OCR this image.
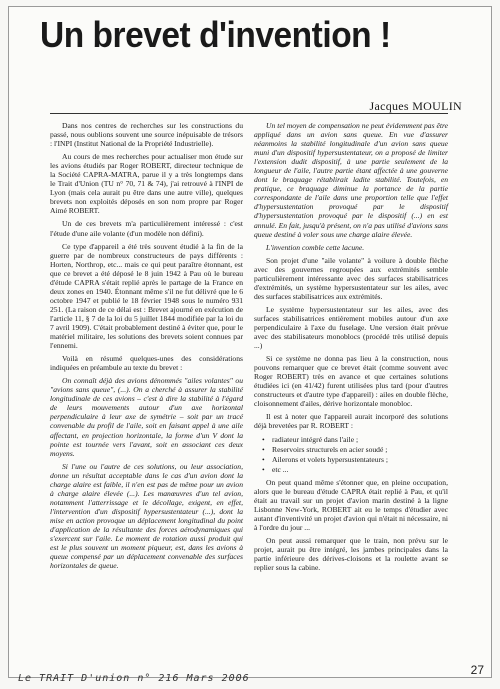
Un brevet d'invention !
Jacques MOULIN

Dans nos centres de recherches sur les constructions du passé, nous oublions souvent une source inépuisable de trésors : l'INPI (Institut National de la Propriété Industrielle).

Au cours de mes recherches pour actualiser mon étude sur les avions étudiés par Roger ROBERT, directeur technique de la Société CAPRA-MATRA, parue il y a très longtemps dans le Trait d'Union (TU n° 70, 71 & 74), j'ai retrouvé à l'INPI de Lyon (mais cela aurait pu être dans une autre ville), quelques brevets non exploités déposés en son nom propre par Roger Aimé ROBERT.

Un de ces brevets m'a particulièrement intéressé : c'est l'étude d'une aile volante (d'un modèle non défini).

Ce type d'appareil a été très souvent étudié à la fin de la guerre par de nombreux constructeurs de pays différents : Horten, Northrop, etc... mais ce qui peut paraître étonnant, est que ce brevet a été déposé le 8 juin 1942 à Pau où le bureau d'étude CAPRA s'était replié après le partage de la France en deux zones en 1940. Étonnant même s'il ne fut délivré que le 6 octobre 1947 et publié le 18 février 1948 sous le numéro 931 251. (La raison de ce délai est : Brevet ajourné en exécution de l'article 11, § 7 de la loi du 5 juillet 1844 modifiée par la loi du 7 avril 1909). C'était probablement destiné à éviter que, pour le matériel militaire, les solutions des brevets soient connues par l'ennemi.

Voilà en résumé quelques-unes des considérations indiquées en préambule au texte du brevet :

On connaît déjà des avions dénommés "ailes volantes" ou "avions sans queue", (...). On a cherché à assurer la stabilité longitudinale de ces avions – c'est à dire la stabilité à l'égard de leurs mouvements autour d'un axe horizontal perpendiculaire à leur axe de symétrie – soit par un tracé convenable du profil de l'aile, soit en faisant appel à une aile affectant, en projection horizontale, la forme d'un V dont la pointe est tournée vers l'avant, soit en associant ces deux moyens.

Si l'une ou l'autre de ces solutions, ou leur association, donne un résultat acceptable dans le cas d'un avion dont la charge alaire est faible, il n'en est pas de même pour un avion à charge alaire élevée (...). Les manœuvres d'un tel avion, notamment l'atterrissage et le décollage, exigent, en effet, l'intervention d'un dispositif hypersustentateur (...), dont la mise en action provoque un déplacement longitudinal du point d'application de la résultante des forces aérodynamiques qui s'exercent sur l'aile. Le moment de rotation aussi produit qui est le plus souvent un moment piqueur, est, dans les avions à queue compensé par un déplacement convenable des surfaces horizontales de queue.

Un tel moyen de compensation ne peut évidemment pas être appliqué dans un avion sans queue. En vue d'assurer néanmoins la stabilité longitudinale d'un avion sans queue muni d'un dispositif hypersustentateur, on a proposé de limiter l'extension dudit dispositif, à une partie seulement de la longueur de l'aile, l'autre partie étant affectée à une gouverne dont le braquage rétablirait ladite stabilité. Toutefois, en pratique, ce braquage diminue la portance de la partie correspondante de l'aile dans une proportion telle que l'effet d'hypersustentation provoqué par le dispositif d'hypersustentation provoqué par le dispositif (...) en est annulé. En fait, jusqu'à présent, on n'a pas utilisé d'avions sans queue destiné à voler sous une charge alaire élevée.

L'invention comble cette lacune.

Son projet d'une "aile volante" à voilure à double flèche avec des gouvernes regroupées aux extrémités semble particulièrement intéressante avec des surfaces stabilisatrices d'extrémités, un système hypersustentateur sur les ailes, avec des surfaces stabilisatrices aux extrémités.

Le système hypersustentateur sur les ailes, avec des surfaces stabilisatrices entièrement mobiles autour d'un axe perpendiculaire à l'axe du fuselage. Une version était prévue avec des stabilisateurs monoblocs (procédé très utilisé depuis ...)

Si ce système ne donna pas lieu à la construction, nous pouvons remarquer que ce brevet était (comme souvent avec Roger ROBERT) très en avance et que certaines solutions étudiées ici (en 41/42) furent utilisées plus tard (pour d'autres constructeurs et d'autre type d'appareil) : ailes en double flèche, cloisonnement d'ailes, dérive horizontale monobloc.

Il est à noter que l'appareil aurait incorporé des solutions déjà brevetées par R. ROBERT :

• radiateur intégré dans l'aile ;
• Reservoirs structurels en acier soudé ;
• Ailerons et volets hypersustentateurs ;
• etc ...

On peut quand même s'étonner que, en pleine occupation, alors que le bureau d'étude CAPRA était replié à Pau, et qu'il était au travail sur un projet d'avion marin destiné à la ligne Lisbonne New-York, ROBERT ait eu le temps d'étudier avec autant d'inventivité un projet d'avion qui n'était ni nécessaire, ni à l'ordre du jour ...

On peut aussi remarquer que le train, non prévu sur le projet, aurait pu être intégré, les jambes principales dans la partie inférieure des dérives-cloisons et la roulette avant se replier sous la cabine.

Le TRAIT D'union n° 216 Mars 2006
27
